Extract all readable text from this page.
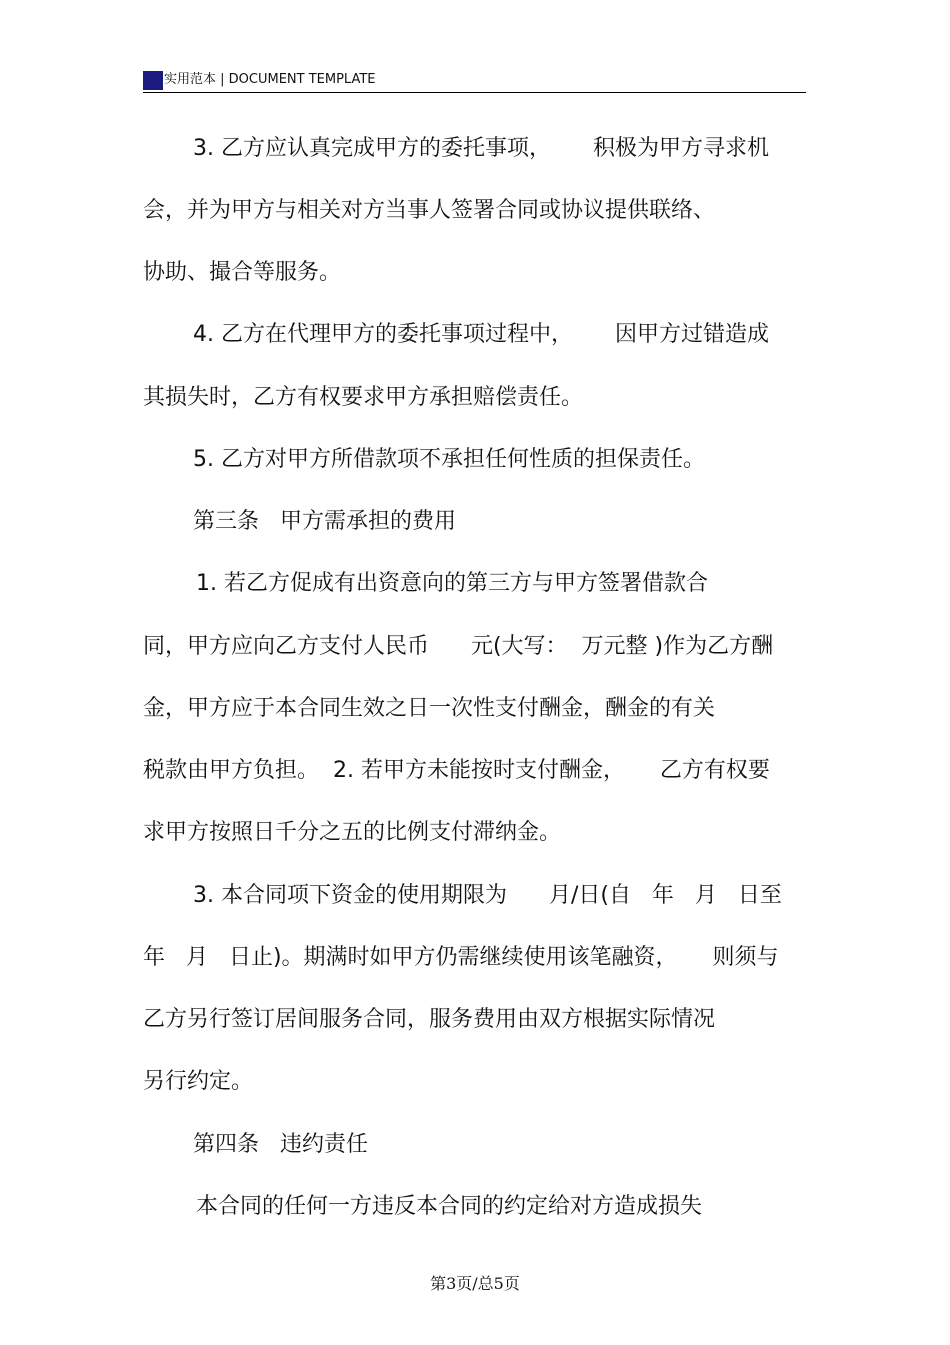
实用范本 | DOCUMENT TEMPLATE
3. 乙方应认真完成甲方的委托事项，      积极为甲方寻求机
会，并为甲方与相关对方当事人签署合同或协议提供联络、
协助、撮合等服务。
4. 乙方在代理甲方的委托事项过程中，      因甲方过错造成
其损失时，乙方有权要求甲方承担赔偿责任。
5. 乙方对甲方所借款项不承担任何性质的担保责任。
第三条   甲方需承担的费用
1. 若乙方促成有出资意向的第三方与甲方签署借款合
同，甲方应向乙方支付人民币      元(大写：  万元整 )作为乙方酬
金，甲方应于本合同生效之日一次性支付酬金，酬金的有关
税款由甲方负担。  2. 若甲方未能按时支付酬金，     乙方有权要
求甲方按照日千分之五的比例支付滞纳金。
3. 本合同项下资金的使用期限为      月/日(自   年   月   日至
年   月   日止)。期满时如甲方仍需继续使用该笔融资，     则须与
乙方另行签订居间服务合同，服务费用由双方根据实际情况
另行约定。
第四条   违约责任
本合同的任何一方违反本合同的约定给对方造成损失
第3页/总5页
